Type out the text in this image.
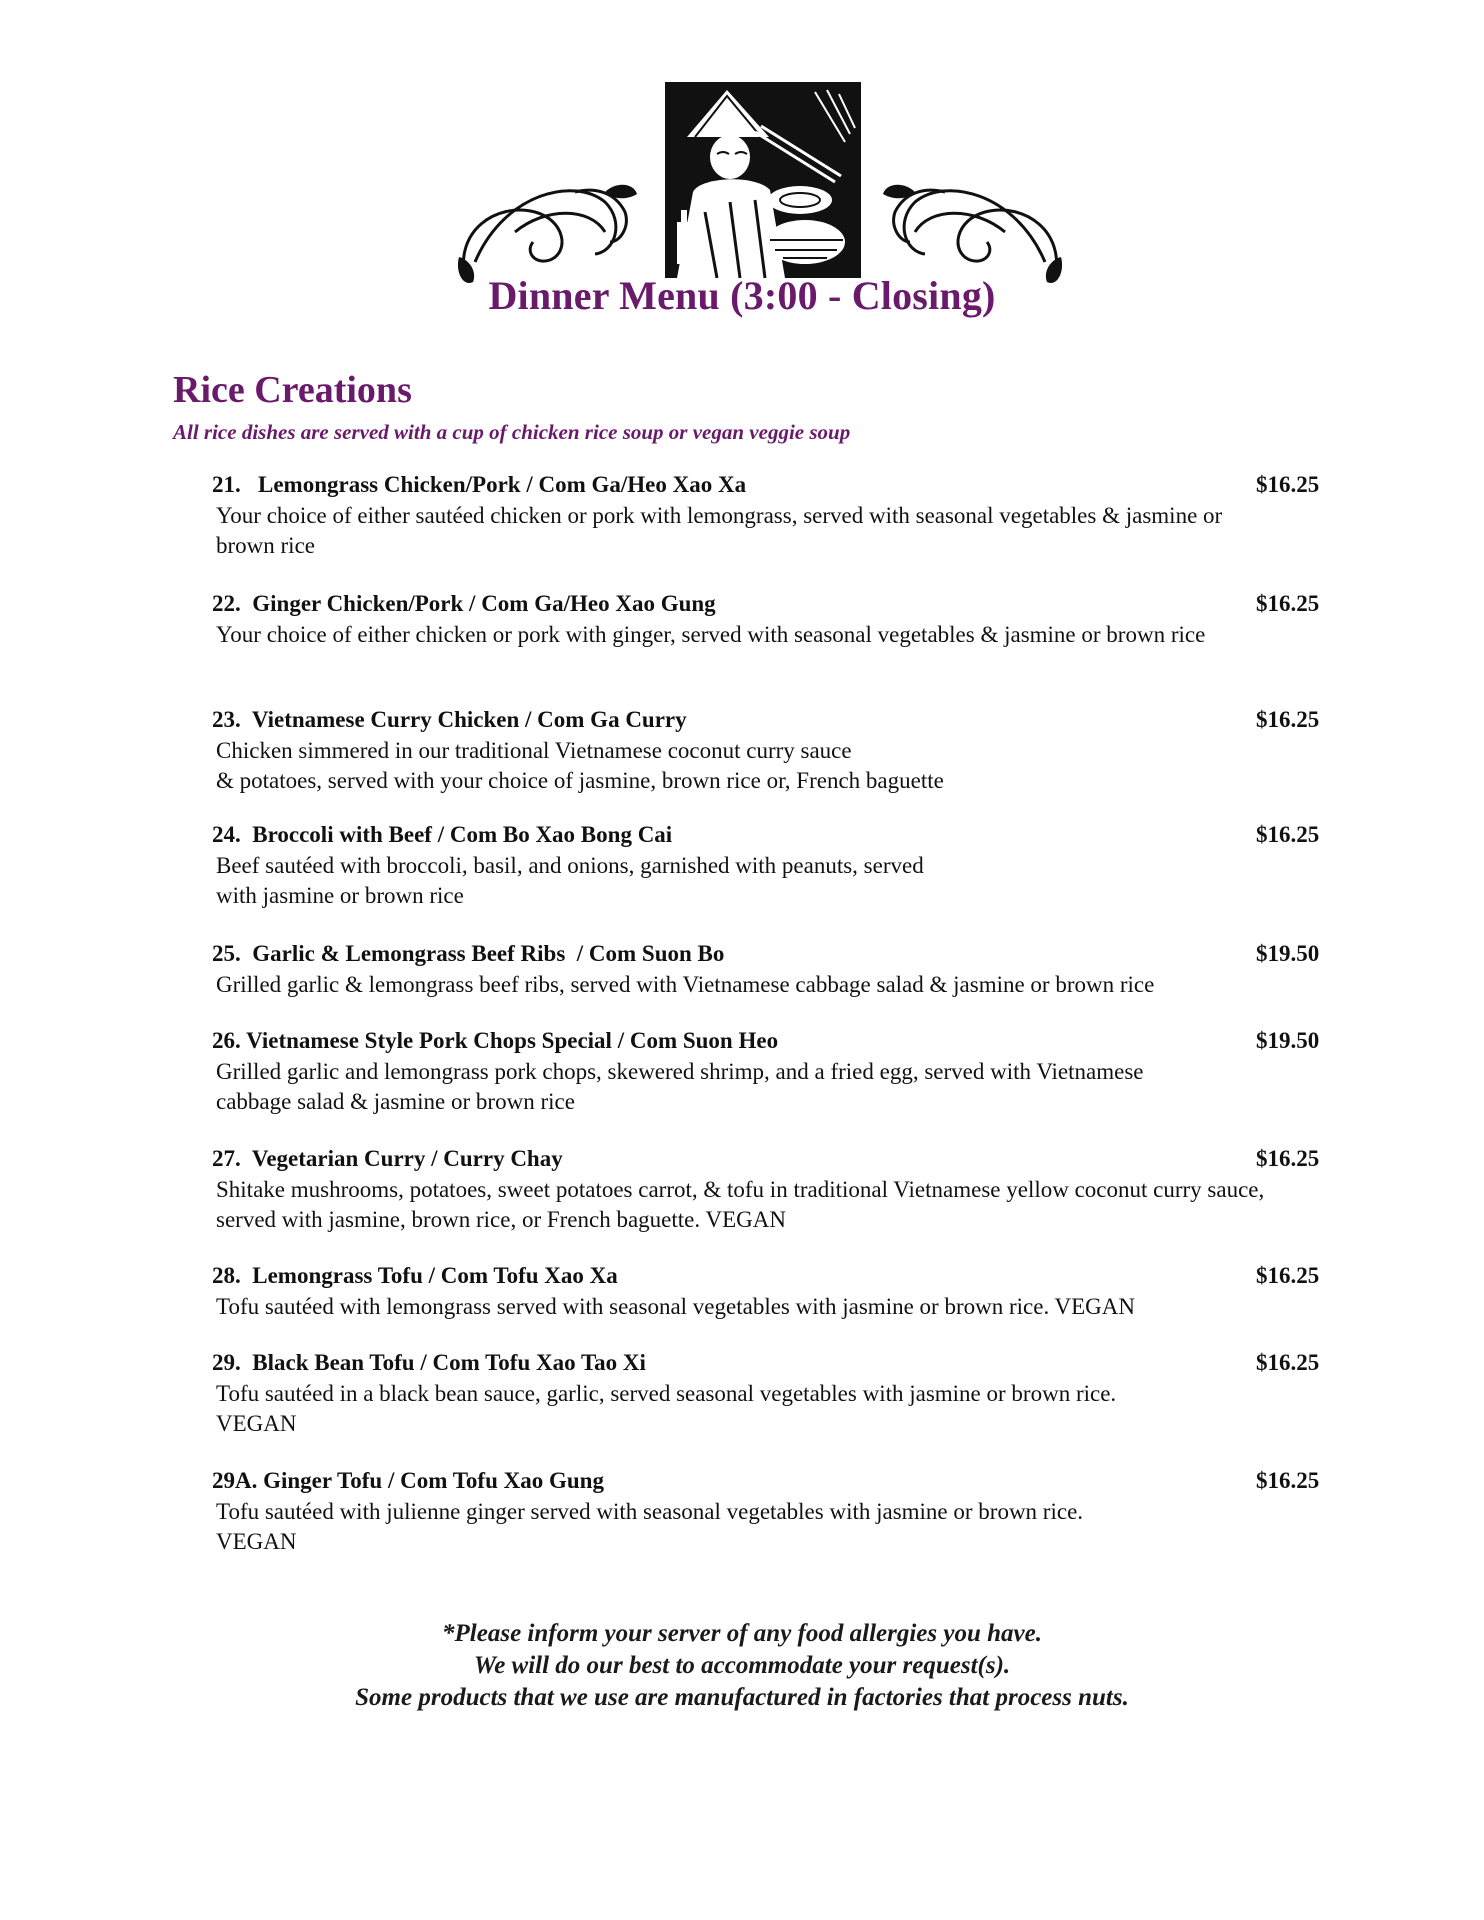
Dinner Menu (3:00 - Closing)
Rice Creations
All rice dishes are served with a cup of chicken rice soup or vegan veggie soup
21.   Lemongrass Chicken/Pork / Com Ga/Heo Xao Xa	$16.25
Your choice of either sautéed chicken or pork with lemongrass, served with seasonal vegetables & jasmine or brown rice
22.  Ginger Chicken/Pork / Com Ga/Heo Xao Gung	$16.25
Your choice of either chicken or pork with ginger, served with seasonal vegetables & jasmine or brown rice
23.  Vietnamese Curry Chicken / Com Ga Curry	$16.25
Chicken simmered in our traditional Vietnamese coconut curry sauce
& potatoes, served with your choice of jasmine, brown rice or, French baguette
24.  Broccoli with Beef / Com Bo Xao Bong Cai	$16.25
Beef sautéed with broccoli, basil, and onions, garnished with peanuts, served
with jasmine or brown rice
25.  Garlic & Lemongrass Beef Ribs  / Com Suon Bo	$19.50
Grilled garlic & lemongrass beef ribs, served with Vietnamese cabbage salad & jasmine or brown rice
26. Vietnamese Style Pork Chops Special / Com Suon Heo	$19.50
Grilled garlic and lemongrass pork chops, skewered shrimp, and a fried egg, served with Vietnamese cabbage salad & jasmine or brown rice
27.  Vegetarian Curry / Curry Chay	$16.25
Shitake mushrooms, potatoes, sweet potatoes carrot, & tofu in traditional Vietnamese yellow coconut curry sauce, served with jasmine, brown rice, or French baguette. VEGAN
28.  Lemongrass Tofu / Com Tofu Xao Xa	$16.25
Tofu sautéed with lemongrass served with seasonal vegetables with jasmine or brown rice. VEGAN
29.  Black Bean Tofu / Com Tofu Xao Tao Xi	$16.25
Tofu sautéed in a black bean sauce, garlic, served seasonal vegetables with jasmine or brown rice.
VEGAN
29A. Ginger Tofu / Com Tofu Xao Gung	$16.25
Tofu sautéed with julienne ginger served with seasonal vegetables with jasmine or brown rice.
VEGAN
*Please inform your server of any food allergies you have.
We will do our best to accommodate your request(s).
Some products that we use are manufactured in factories that process nuts.
